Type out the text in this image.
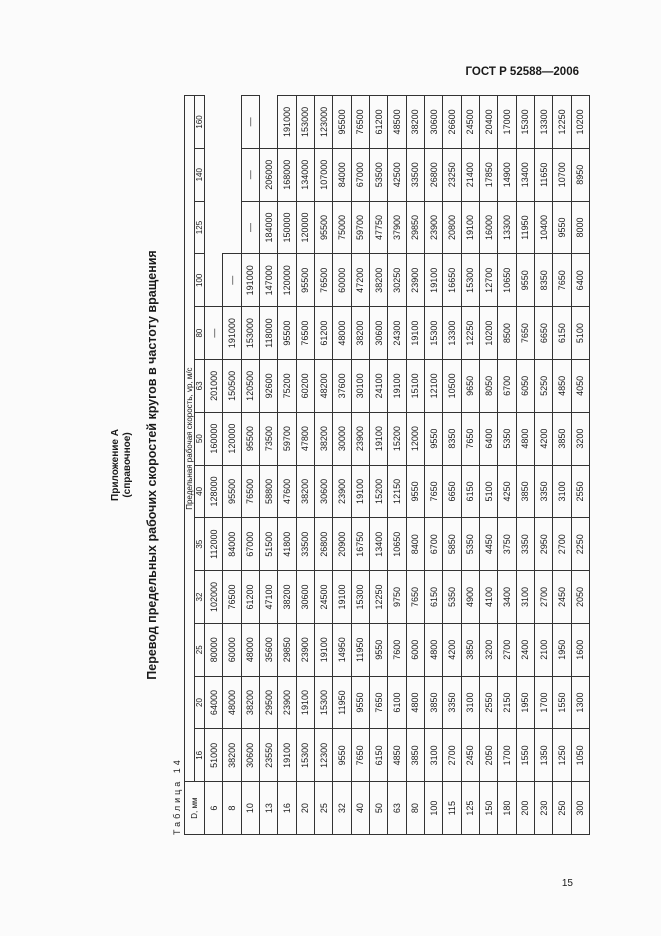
ГОСТ Р 52588—2006
Приложение А (справочное) Перевод предельных рабочих скоростей кругов в частоту вращения
Таблица 14 D, мм	Предельная рабочая скорость, vр, м/с												
	16	20	25	32	35	40	50	63	80	100	125	140	160
6	51000	64000	80000	102000	112000	128000	160000	201000	—				
8	38200	48000	60000	76500	84000	95500	120000	150500	191000	—			
10	30600	38200	48000	61200	67000	76500	95500	120500	153000	191000	—	—	—
13	23550	29500	35600	47100	51500	58800	73500	92600	118000	147000	184000	206000	
16	19100	23900	29850	38200	41800	47600	59700	75200	95500	120000	150000	168000	191000
20	15300	19100	23900	30600	33500	38200	47800	60200	76500	95500	120000	134000	153000
25	12300	15300	19100	24500	26800	30600	38200	48200	61200	76500	95500	107000	123000
32	9550	11950	14950	19100	20900	23900	30000	37600	48000	60000	75000	84000	95500
40	7650	9550	11950	15300	16750	19100	23900	30100	38200	47200	59700	67000	76500
50	6150	7650	9550	12250	13400	15200	19100	24100	30600	38200	47750	53500	61200
63	4850	6100	7600	9750	10650	12150	15200	19100	24300	30250	37900	42500	48500
80	3850	4800	6000	7650	8400	9550	12000	15100	19100	23900	29850	33500	38200
100	3100	3850	4800	6150	6700	7650	9550	12100	15300	19100	23900	26800	30600
115	2700	3350	4200	5350	5850	6650	8350	10500	13300	16650	20800	23250	26600
125	2450	3100	3850	4900	5350	6150	7650	9650	12250	15300	19100	21400	24500
150	2050	2550	3200	4100	4450	5100	6400	8050	10200	12700	16000	17850	20400
180	1700	2150	2700	3400	3750	4250	5350	6700	8500	10650	13300	14900	17000
200	1550	1950	2400	3100	3350	3850	4800	6050	7650	9550	11950	13400	15300
230	1350	1700	2100	2700	2950	3350	4200	5250	6650	8350	10400	11650	13300
250	1250	1550	1950	2450	2700	3100	3850	4850	6150	7650	9550	10700	12250
300	1050	1300	1600	2050	2250	2550	3200	4050	5100	6400	8000	8950	10200
15
